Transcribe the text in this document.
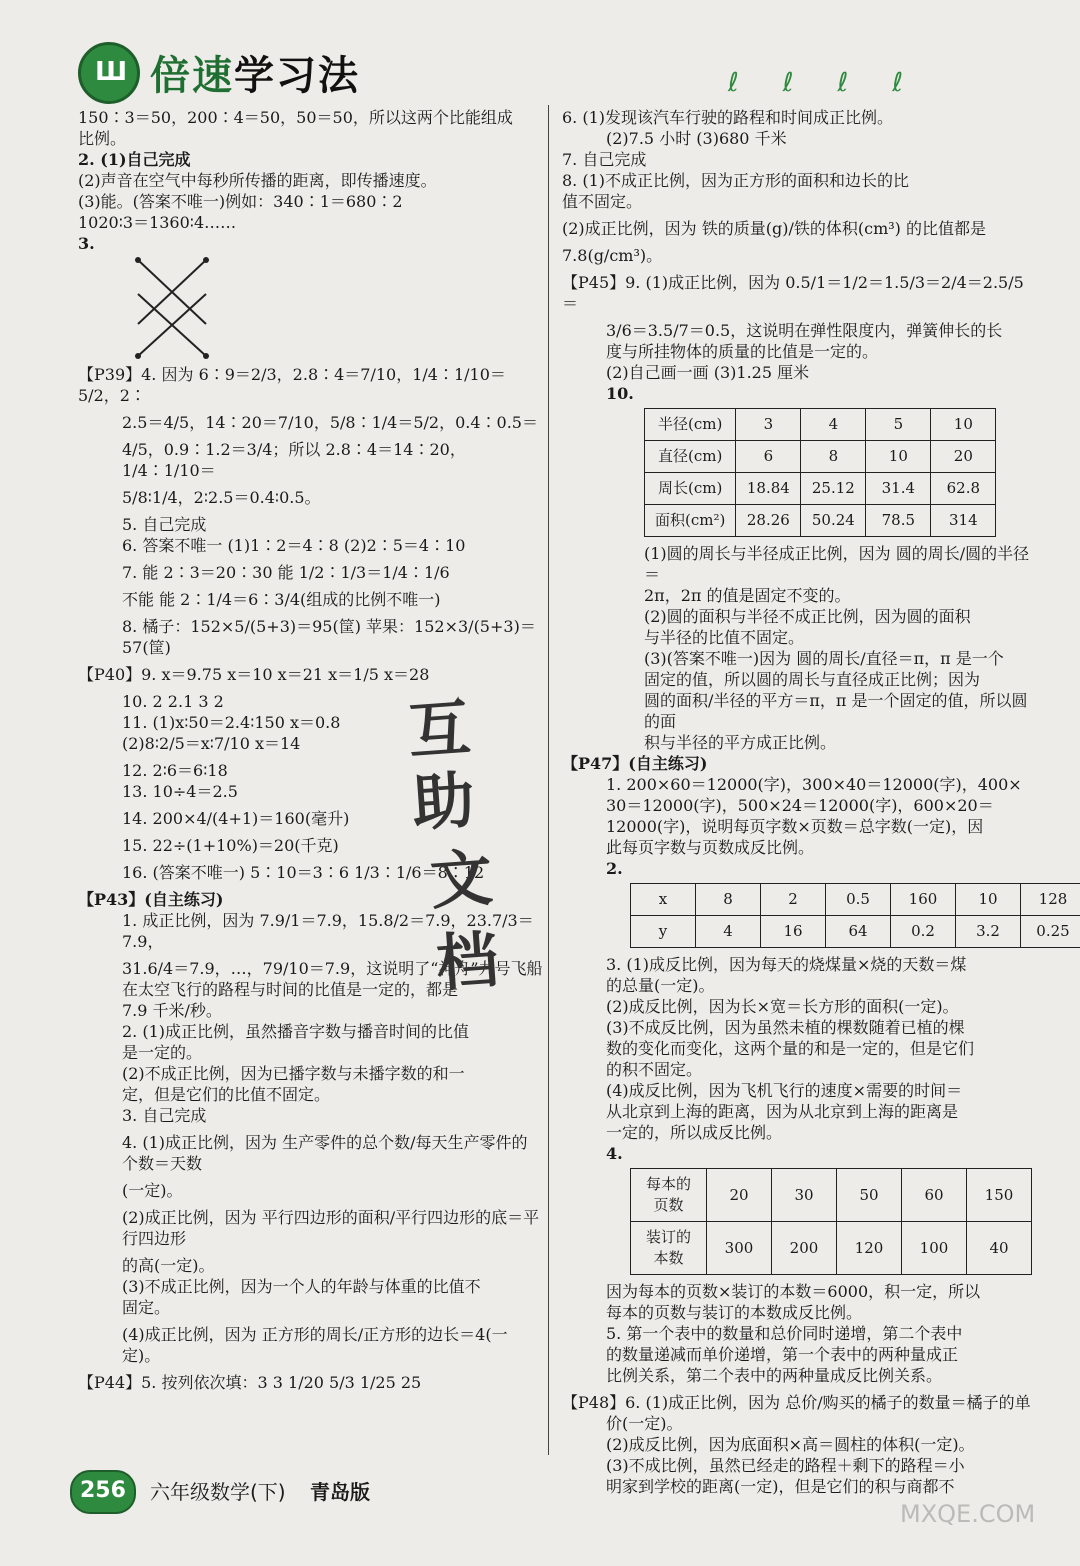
Ш 倍速学习法	ℓℓℓℓ

150∶3＝50，200∶4＝50，50＝50，所以这两个比能组成

比例。

2. (1)自己完成

(2)声音在空气中每秒所传播的距离，即传播速度。

(3)能。(答案不唯一)例如：340∶1＝680∶2

1020∶3＝1360∶4……

3.

【P39】4. 因为 6∶9＝2/3，2.8∶4＝7/10，1/4∶1/10＝5/2，2∶

2.5＝4/5，14∶20＝7/10，5/8∶1/4＝5/2，0.4∶0.5＝

4/5，0.9∶1.2＝3/4；所以 2.8∶4＝14∶20，1/4∶1/10＝

5/8∶1/4，2∶2.5＝0.4∶0.5。

5. 自己完成

6. 答案不唯一 (1)1∶2＝4∶8 (2)2∶5＝4∶10

7. 能 2∶3＝20∶30 能 1/2∶1/3＝1/4∶1/6

不能 能 2∶1/4＝6∶3/4(组成的比例不唯一)

8. 橘子：152×5/(5+3)＝95(筐) 苹果：152×3/(5+3)＝57(筐)

【P40】9. x＝9.75 x＝10 x＝21 x＝1/5 x＝28

10. 2 2.1 3 2

11. (1)x∶50＝2.4∶150 x＝0.8

(2)8∶2/5＝x∶7/10 x＝14

12. 2∶6＝6∶18

13. 10÷4＝2.5

14. 200×4/(4+1)＝160(毫升)

15. 22÷(1+10%)＝20(千克)

16. (答案不唯一) 5∶10＝3∶6 1/3∶1/6＝8∶12

【P43】(自主练习)

1. 成正比例，因为 7.9/1＝7.9，15.8/2＝7.9，23.7/3＝7.9，

31.6/4＝7.9，…，79/10＝7.9，这说明了“神舟”九号飞船

在太空飞行的路程与时间的比值是一定的，都是

7.9 千米/秒。

2. (1)成正比例，虽然播音字数与播音时间的比值

是一定的。

(2)不成正比例，因为已播字数与未播字数的和一

定，但是它们的比值不固定。

3. 自己完成

4. (1)成正比例，因为 生产零件的总个数/每天生产零件的个数＝天数

(一定)。

(2)成正比例，因为 平行四边形的面积/平行四边形的底＝平行四边形

的高(一定)。

(3)不成正比例，因为一个人的年龄与体重的比值不

固定。

(4)成正比例，因为 正方形的周长/正方形的边长＝4(一定)。

【P44】5. 按列依次填：3 3 1/20 5/3 1/25 25

互
助
文
档

6. (1)发现该汽车行驶的路程和时间成正比例。

(2)7.5 小时 (3)680 千米

7. 自己完成

8. (1)不成正比例，因为正方形的面积和边长的比

值不固定。

(2)成正比例，因为 铁的质量(g)/铁的体积(cm³) 的比值都是

7.8(g/cm³)。

【P45】9. (1)成正比例，因为 0.5/1＝1/2＝1.5/3＝2/4＝2.5/5＝

3/6＝3.5/7＝0.5，这说明在弹性限度内，弹簧伸长的长

度与所挂物体的质量的比值是一定的。

(2)自己画一画 (3)1.25 厘米

10.

半径(cm)	3	4	5	10
直径(cm)	6	8	10	20
周长(cm)	18.84	25.12	31.4	62.8
面积(cm²)	28.26	50.24	78.5	314

(1)圆的周长与半径成正比例，因为 圆的周长/圆的半径＝

2π，2π 的值是固定不变的。

(2)圆的面积与半径不成正比例，因为圆的面积

与半径的比值不固定。

(3)(答案不唯一)因为 圆的周长/直径＝π，π 是一个

固定的值，所以圆的周长与直径成正比例；因为

圆的面积/半径的平方＝π，π 是一个固定的值，所以圆的面

积与半径的平方成正比例。

【P47】(自主练习)

1. 200×60＝12000(字)，300×40＝12000(字)，400×

30＝12000(字)，500×24＝12000(字)，600×20＝

12000(字)，说明每页字数×页数＝总字数(一定)，因

此每页字数与页数成反比例。

2.

x	8	2	0.5	160	10	128
y	4	16	64	0.2	3.2	0.25

3. (1)成反比例，因为每天的烧煤量×烧的天数＝煤

的总量(一定)。

(2)成反比例，因为长×宽＝长方形的面积(一定)。

(3)不成反比例，因为虽然未植的棵数随着已植的棵

数的变化而变化，这两个量的和是一定的，但是它们

的积不固定。

(4)成反比例，因为飞机飞行的速度×需要的时间＝

从北京到上海的距离，因为从北京到上海的距离是

一定的，所以成反比例。

4.

每本的页数	20	30	50	60	150
装订的本数	300	200	120	100	40

因为每本的页数×装订的本数＝6000，积一定，所以

每本的页数与装订的本数成反比例。

5. 第一个表中的数量和总价同时递增，第二个表中

的数量递减而单价递增，第一个表中的两种量成正

比例关系，第二个表中的两种量成反比例关系。

【P48】6. (1)成正比例，因为 总价/购买的橘子的数量＝橘子的单

价(一定)。

(2)成反比例，因为底面积×高＝圆柱的体积(一定)。

(3)不成比例，虽然已经走的路程＋剩下的路程＝小

明家到学校的距离(一定)，但是它们的积与商都不

256 六年级数学(下) 青岛版
MXQE.COM
